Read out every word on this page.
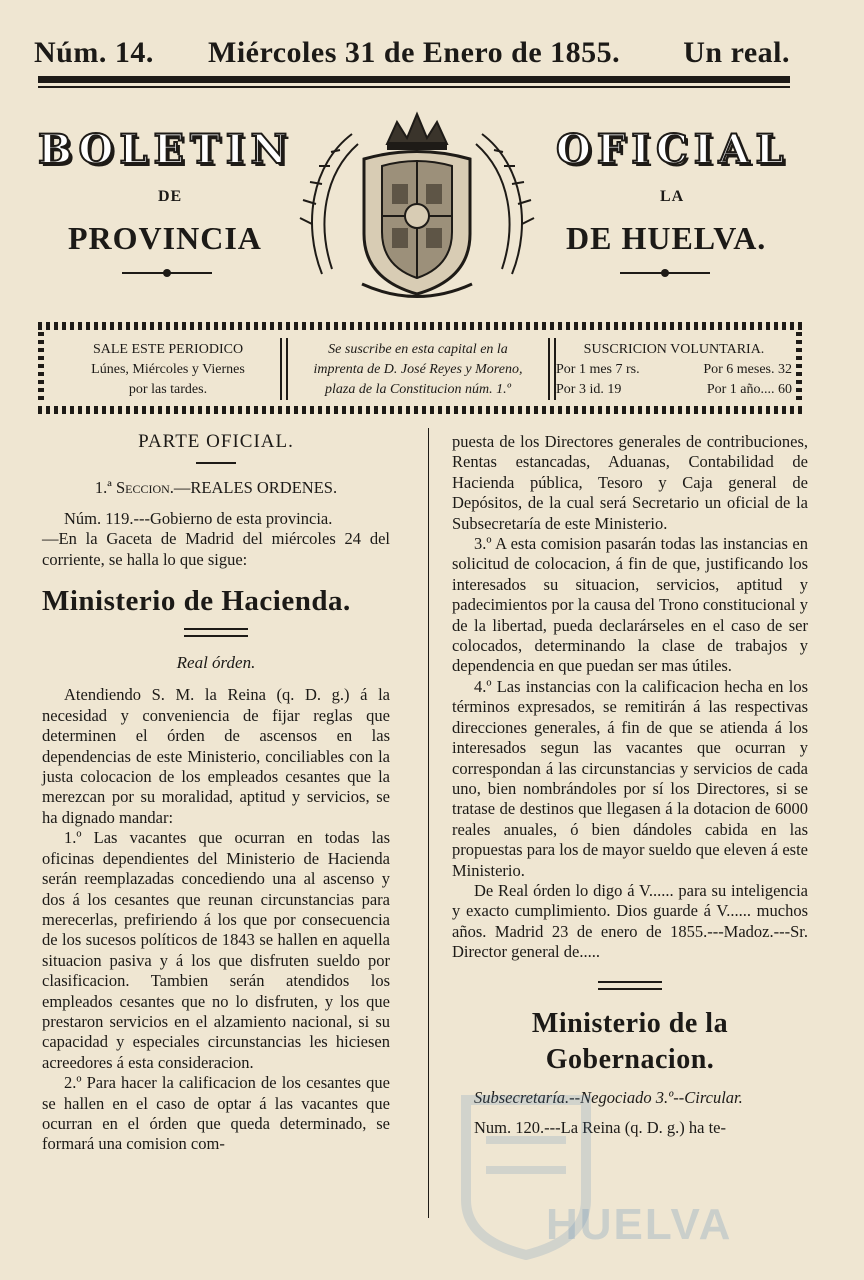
Núm. 14. Miércoles 31 de Enero de 1855. Un real.
BOLETIN	OFICIAL
DE	LA
PROVINCIA	DE HUELVA.
SALE ESTE PERIODICO
Lúnes, Miércoles y Viernes
por las tardes.
Se suscribe en esta capital en la
imprenta de D. José Reyes y Moreno,
plaza de la Constitucion núm. 1.º
SUSCRICION VOLUNTARIA.
Por 1 mes 7 rs.	Por 6 meses. 32
Por 3 id. 19	Por 1 año.... 60
PARTE OFICIAL.

1.ª Seccion.—REALES ORDENES.

Núm. 119.---Gobierno de esta provincia.

—En la Gaceta de Madrid del miércoles 24 del corriente, se halla lo que sigue:

Ministerio de Hacienda.
Real órden.

Atendiendo S. M. la Reina (q. D. g.) á la necesidad y conveniencia de fijar reglas que determinen el órden de ascensos en las dependencias de este Ministerio, conciliables con la justa colocacion de los empleados cesantes que la merezcan por su moralidad, aptitud y servicios, se ha dignado mandar:

1.º Las vacantes que ocurran en todas las oficinas dependientes del Ministerio de Hacienda serán reemplazadas concediendo una al ascenso y dos á los cesantes que reunan circunstancias para merecerlas, prefiriendo á los que por consecuencia de los sucesos políticos de 1843 se hallen en aquella situacion pasiva y á los que disfruten sueldo por clasificacion. Tambien serán atendidos los empleados cesantes que no lo disfruten, y los que prestaron servicios en el alzamiento nacional, si su capacidad y especiales circunstancias les hiciesen acreedores á esta consideracion.

2.º Para hacer la calificacion de los cesantes que se hallen en el caso de optar á las vacantes que ocurran en el órden que queda determinado, se formará una comision com-

puesta de los Directores generales de contribuciones, Rentas estancadas, Aduanas, Contabilidad de Hacienda pública, Tesoro y Caja general de Depósitos, de la cual será Secretario un oficial de la Subsecretaría de este Ministerio.

3.º A esta comision pasarán todas las instancias en solicitud de colocacion, á fin de que, justificando los interesados su situacion, servicios, aptitud y padecimientos por la causa del Trono constitucional y de la libertad, pueda declarárseles en el caso de ser colocados, determinando la clase de trabajos y dependencia en que puedan ser mas útiles.

4.º Las instancias con la calificacion hecha en los términos expresados, se remitirán á las respectivas direcciones generales, á fin de que se atienda á los interesados segun las vacantes que ocurran y correspondan á las circunstancias y servicios de cada uno, bien nombrándoles por sí los Directores, si se tratase de destinos que llegasen á la dotacion de 6000 reales anuales, ó bien dándoles cabida en las propuestas para los de mayor sueldo que eleven á este Ministerio.

De Real órden lo digo á V...... para su inteligencia y exacto cumplimiento. Dios guarde á V...... muchos años. Madrid 23 de enero de 1855.---Madoz.---Sr. Director general de.....

Ministerio de la Gobernacion.

Subsecretaría.--Negociado 3.º--Circular.

Num. 120.---La Reina (q. D. g.) ha te-

HUELVA
